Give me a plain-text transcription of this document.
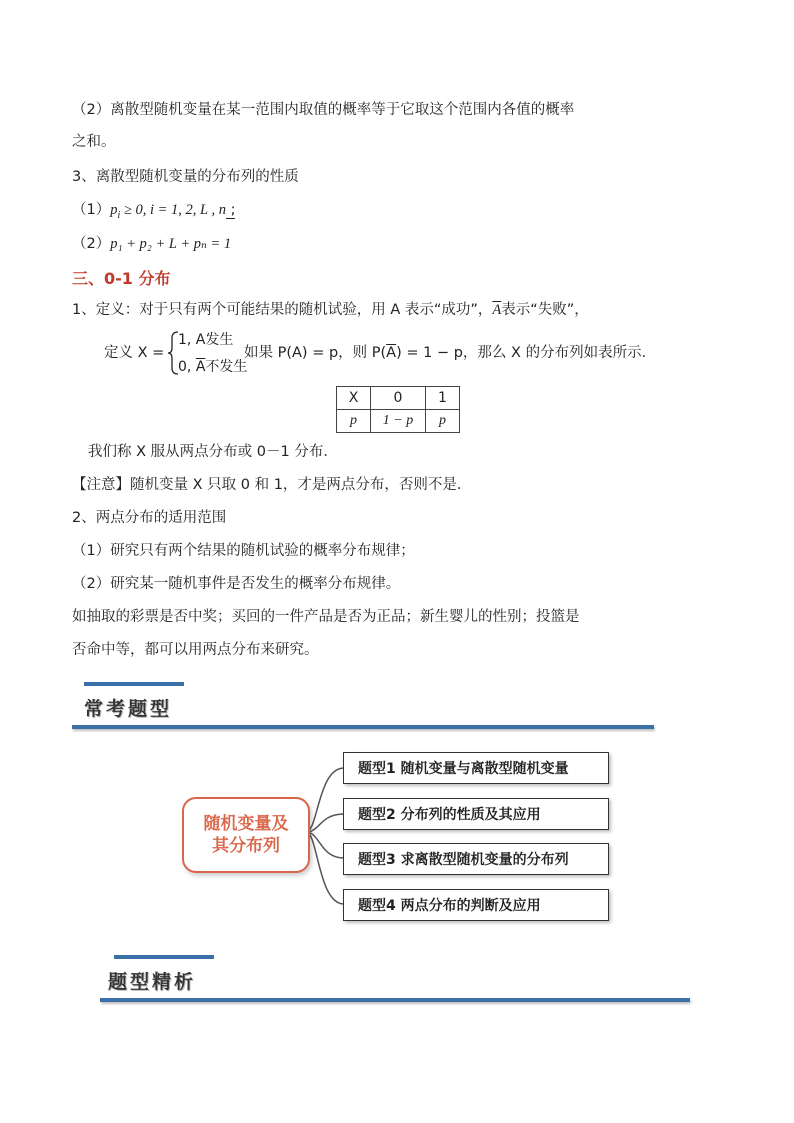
（2）离散型随机变量在某一范围内取值的概率等于它取这个范围内各值的概率
之和。
3、离散型随机变量的分布列的性质
$(1)p_i \ge 0$, i = 1, 2, L , n ;
（2）p₁ + p₂ + L + pₙ = 1
三、0-1 分布
1、定义：对于只有两个可能结果的随机试验，用 A 表示“成功”，$\overline{A}$表示“失败”，
定义 X =
1, A发生
0, $\overline{A}$不发生
如果 P(A) = p，则 $P(\overline{A}) = 1 - p$，那么 X 的分布列如表所示．
X	0	1
p	1 − p	p
我们称 X 服从两点分布或 0－1 分布．
【注意】随机变量 X 只取 0 和 1，才是两点分布，否则不是．
2、两点分布的适用范围
（1）研究只有两个结果的随机试验的概率分布规律；
（2）研究某一随机事件是否发生的概率分布规律。
如抽取的彩票是否中奖；买回的一件产品是否为正品；新生婴儿的性别；投篮是
否命中等，都可以用两点分布来研究。
常考题型
随机变量及其分布列
题型1 随机变量与离散型随机变量
题型2 分布列的性质及其应用
题型3 求离散型随机变量的分布列
题型4 两点分布的判断及应用
题型精析
